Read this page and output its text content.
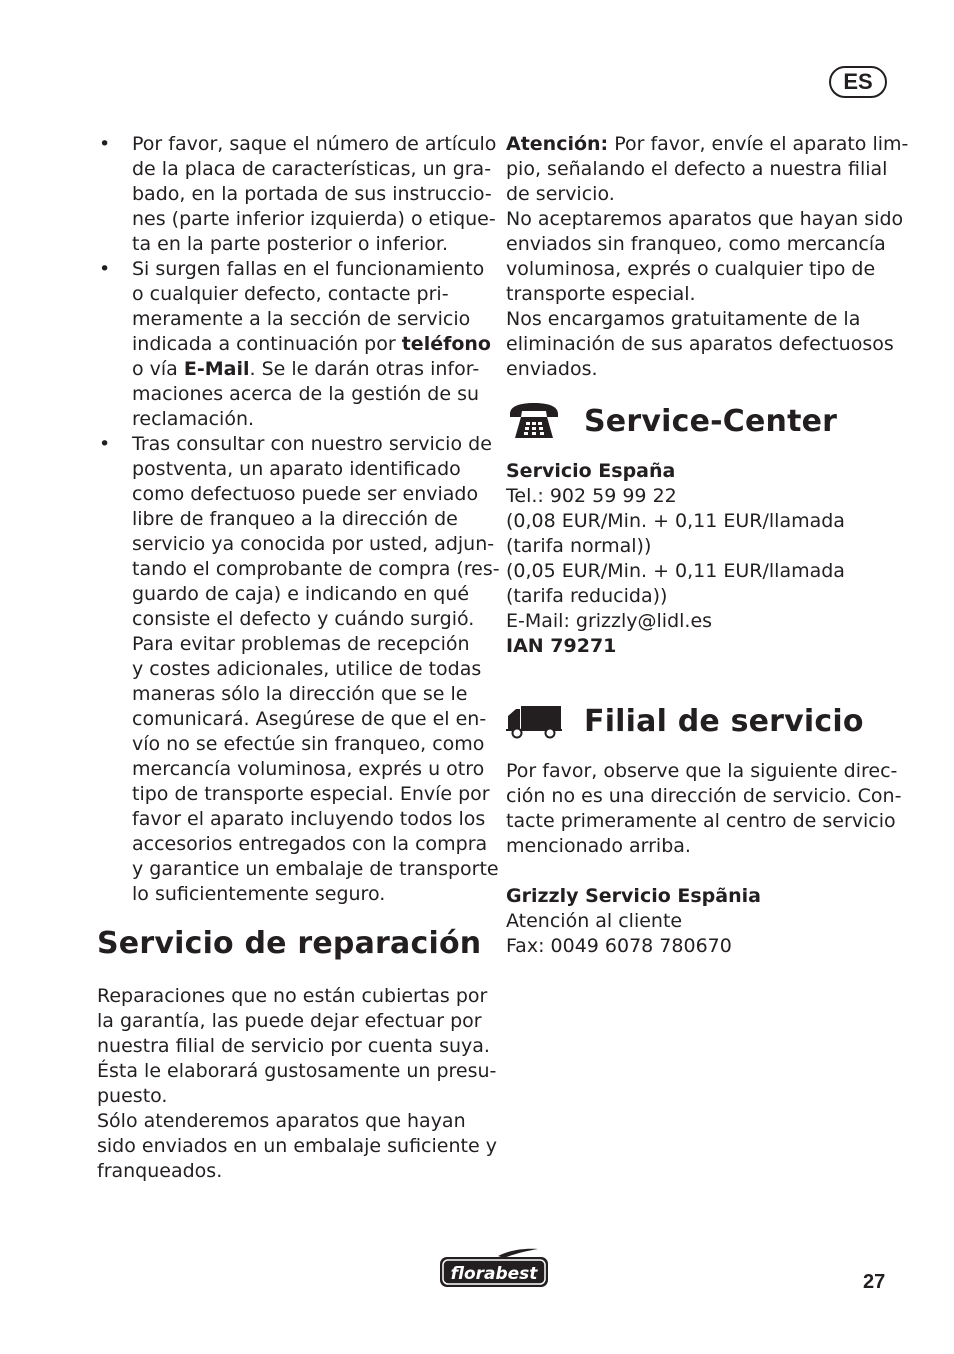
ES
• Por favor, saque el número de artículo
de la placa de características, un gra-
bado, en la portada de sus instruccio-
nes (parte inferior izquierda) o etique-
ta en la parte posterior o inferior.
• Si surgen fallas en el funcionamiento
o cualquier defecto, contacte pri-
meramente a la sección de servicio
indicada a continuación por teléfono
o vía E-Mail. Se le darán otras infor-
maciones acerca de la gestión de su
reclamación.
• Tras consultar con nuestro servicio de
postventa, un aparato identificado
como defectuoso puede ser enviado
libre de franqueo a la dirección de
servicio ya conocida por usted, adjun-
tando el comprobante de compra (res-
guardo de caja) e indicando en qué
consiste el defecto y cuándo surgió.
Para evitar problemas de recepción
y costes adicionales, utilice de todas
maneras sólo la dirección que se le
comunicará. Asegúrese de que el en-
vío no se efectúe sin franqueo, como
mercancía voluminosa, exprés u otro
tipo de transporte especial. Envíe por
favor el aparato incluyendo todos los
accesorios entregados con la compra
y garantice un embalaje de transporte
lo suficientemente seguro.
Servicio de reparación
Reparaciones que no están cubiertas por
la garantía, las puede dejar efectuar por
nuestra filial de servicio por cuenta suya.
Ésta le elaborará gustosamente un presu-
puesto.
Sólo atenderemos aparatos que hayan
sido enviados en un embalaje suficiente y
franqueados.
Atención: Por favor, envíe el aparato lim-
pio, señalando el defecto a nuestra filial
de servicio.
No aceptaremos aparatos que hayan sido
enviados sin franqueo, como mercancía
voluminosa, exprés o cualquier tipo de
transporte especial.
Nos encargamos gratuitamente de la
eliminación de sus aparatos defectuosos
enviados.
Service-Center
Servicio España
Tel.: 902 59 99 22
(0,08 EUR/Min. + 0,11 EUR/llamada
(tarifa normal))
(0,05 EUR/Min. + 0,11 EUR/llamada
(tarifa reducida))
E-Mail: grizzly@lidl.es
IAN 79271
Filial de servicio
Por favor, observe que la siguiente direc-
ción no es una dirección de servicio. Con-
tacte primeramente al centro de servicio
mencionado arriba.
Grizzly Servicio Espãnia
Atención al cliente
Fax: 0049 6078 780670
florabest	27
